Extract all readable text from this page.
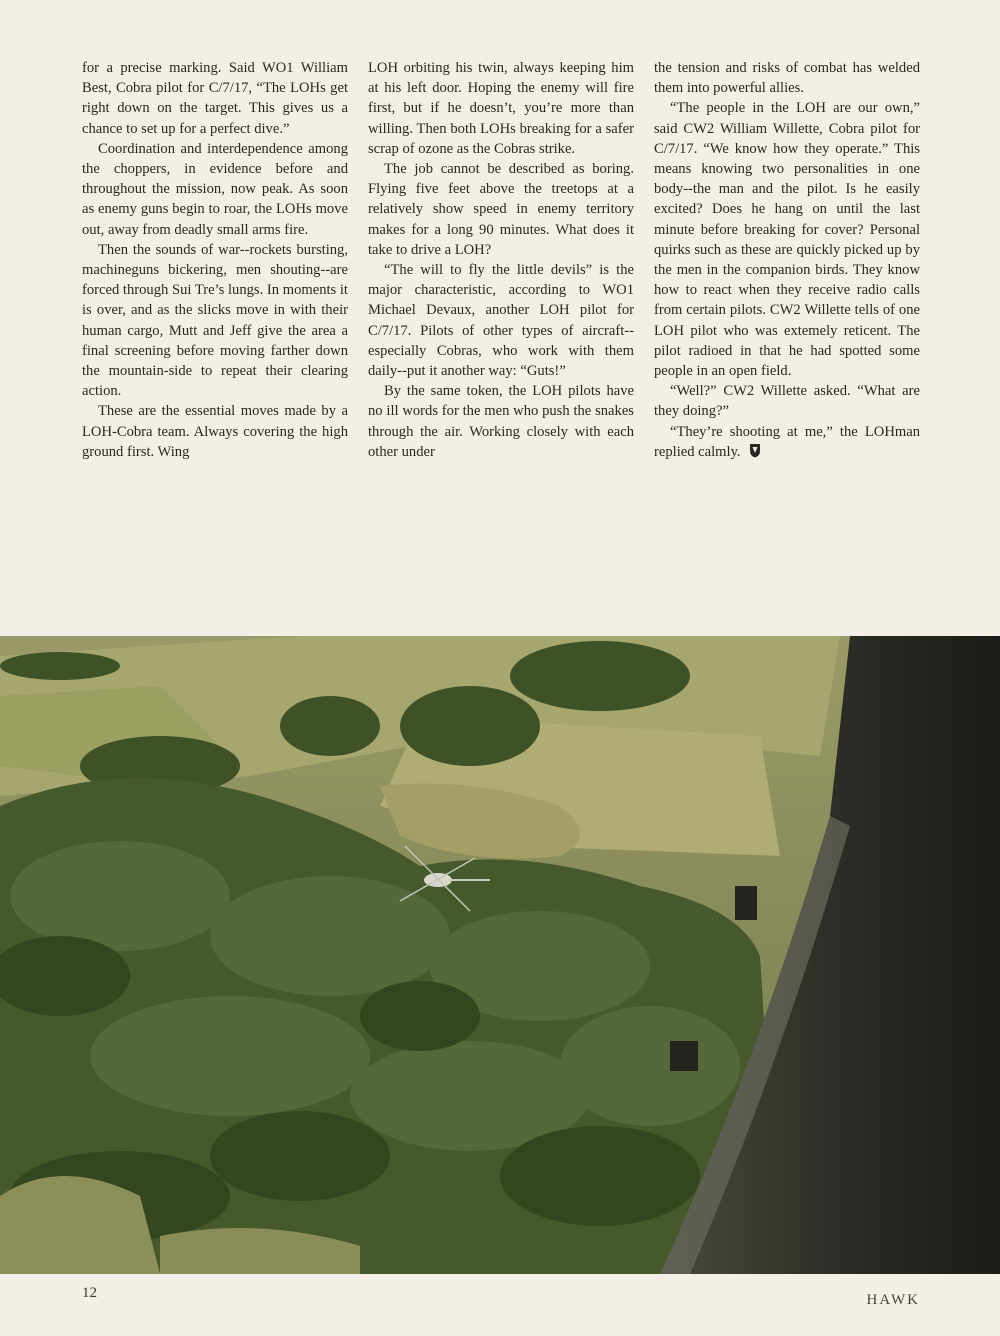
for a precise marking. Said WO1 William Best, Cobra pilot for C/7/17, “The LOHs get right down on the target. This gives us a chance to set up for a perfect dive.”

Coordination and interdependence among the choppers, in evidence before and throughout the mission, now peak. As soon as enemy guns begin to roar, the LOHs move out, away from deadly small arms fire.

Then the sounds of war--rockets bursting, machineguns bickering, men shouting--are forced through Sui Tre’s lungs. In moments it is over, and as the slicks move in with their human cargo, Mutt and Jeff give the area a final screening before moving farther down the mountain-side to repeat their clearing action.

These are the essential moves made by a LOH-Cobra team. Always covering the high ground first. Wing

LOH orbiting his twin, always keeping him at his left door. Hoping the enemy will fire first, but if he doesn’t, you’re more than willing. Then both LOHs breaking for a safer scrap of ozone as the Cobras strike.

The job cannot be described as boring. Flying five feet above the treetops at a relatively show speed in enemy territory makes for a long 90 minutes. What does it take to drive a LOH?

“The will to fly the little devils” is the major characteristic, according to WO1 Michael Devaux, another LOH pilot for C/7/17. Pilots of other types of aircraft--especially Cobras, who work with them daily--put it another way: “Guts!”

By the same token, the LOH pilots have no ill words for the men who push the snakes through the air. Working closely with each other under

the tension and risks of combat has welded them into powerful allies.

“The people in the LOH are our own,” said CW2 William Willette, Cobra pilot for C/7/17. “We know how they operate.” This means knowing two personalities in one body--the man and the pilot. Is he easily excited? Does he hang on until the last minute before breaking for cover? Personal quirks such as these are quickly picked up by the men in the companion birds. They know how to react when they receive radio calls from certain pilots. CW2 Willette tells of one LOH pilot who was extemely reticent. The pilot radioed in that he had spotted some people in an open field.

“Well?” CW2 Willette asked. “What are they doing?”

“They’re shooting at me,” the LOHman replied calmly.

12	HAWK
